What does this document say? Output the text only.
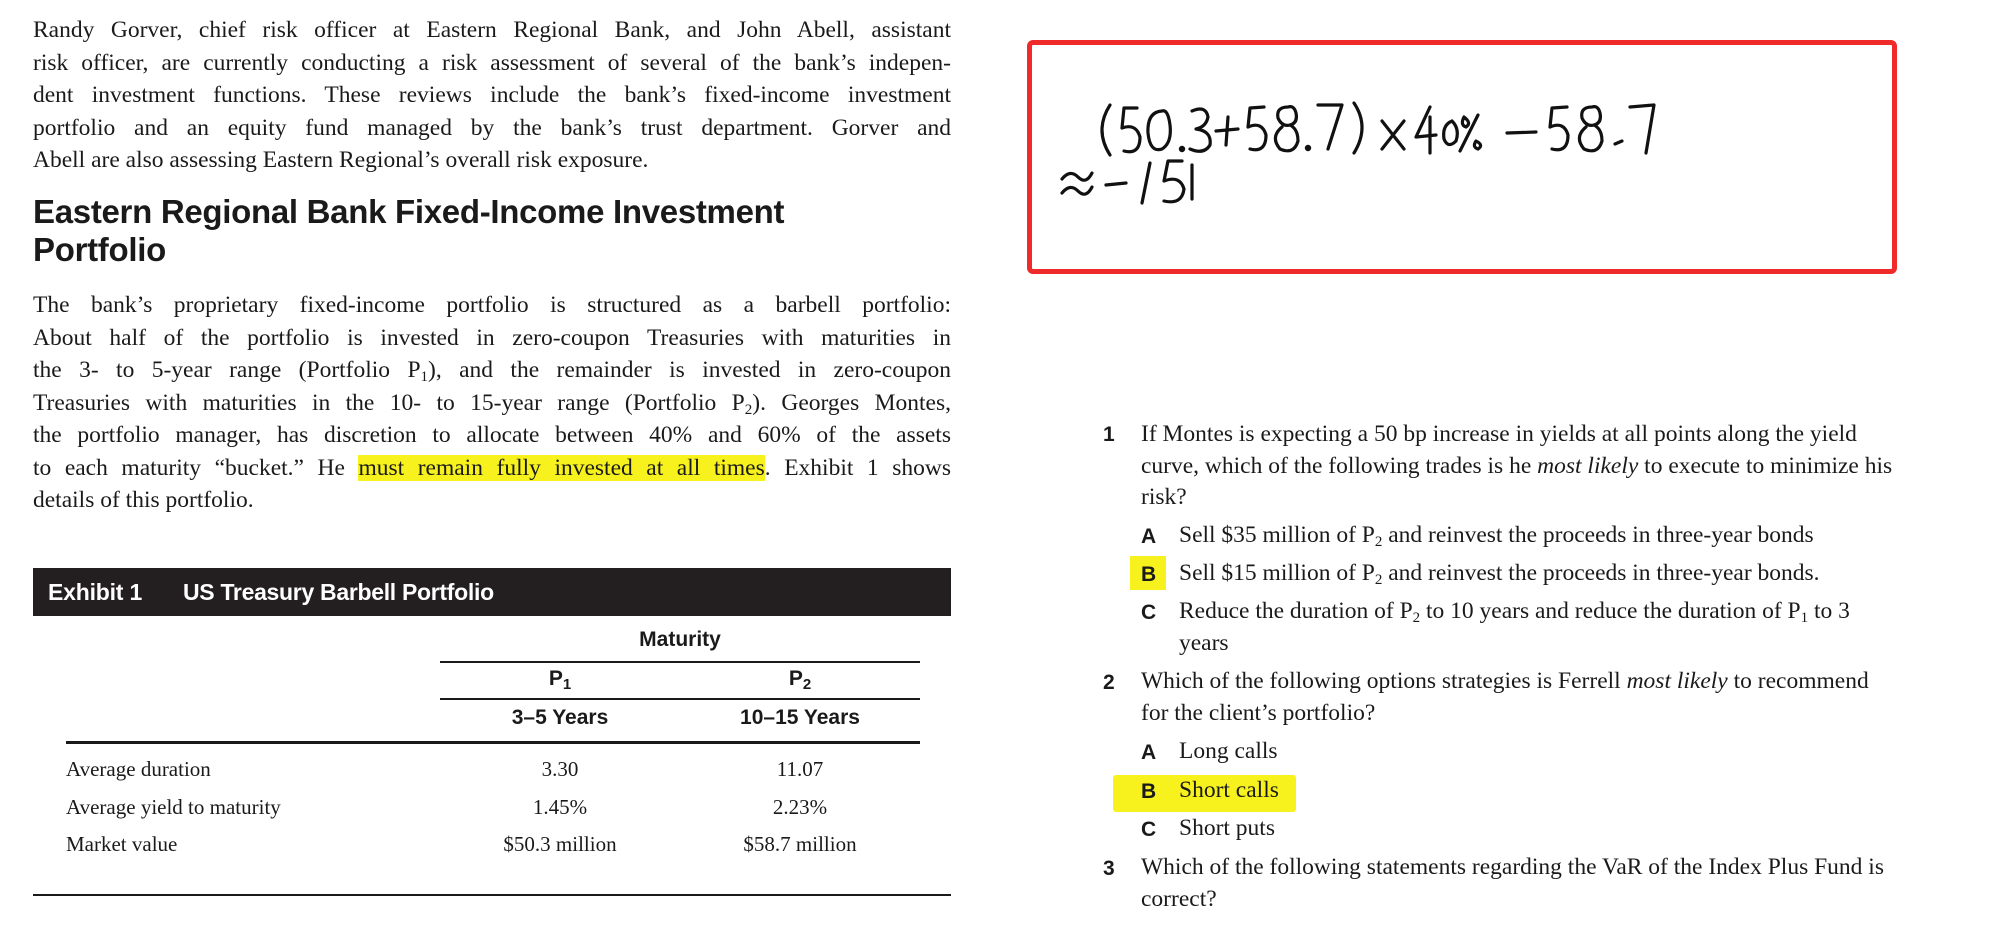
Randy Gorver, chief risk officer at Eastern Regional Bank, and John Abell, assistant
risk officer, are currently conducting a risk assessment of several of the bank’s indepen-
dent investment functions. These reviews include the bank’s fixed-income investment
portfolio and an equity fund managed by the bank’s trust department. Gorver and
Abell are also assessing Eastern Regional’s overall risk exposure.
Eastern Regional Bank Fixed-Income Investment
Portfolio
The bank’s proprietary fixed-income portfolio is structured as a barbell portfolio:
About half of the portfolio is invested in zero-coupon Treasuries with maturities in
the 3- to 5-year range (Portfolio $P_1$), and the remainder is invested in zero-coupon
Treasuries with maturities in the 10- to 15-year range (Portfolio $P_2$). Georges Montes,
the portfolio manager, has discretion to allocate between 40% and 60% of the assets
to each maturity “bucket.” He must remain fully invested at all times. Exhibit 1 shows
details of this portfolio.
Exhibit 1 US Treasury Barbell Portfolio
Maturity
$P_1$	$P_2$
3–5 Years	10–15 Years
Average duration	3.30	11.07
Average yield to maturity	1.45%	2.23%
Market value	$50.3 million	$58.7 million
1 If Montes is expecting a 50 bp increase in yields at all points along the yield
curve, which of the following trades is he most likely to execute to minimize his
risk?
A Sell $35 million of $P_2$ and reinvest the proceeds in three-year bonds
B Sell $15 million of $P_2$ and reinvest the proceeds in three-year bonds.
C Reduce the duration of $P_2$ to 10 years and reduce the duration of $P_1$ to 3
years
2 Which of the following options strategies is Ferrell most likely to recommend
for the client’s portfolio?
A Long calls
B Short calls
C Short puts
3 Which of the following statements regarding the VaR of the Index Plus Fund is
correct?
